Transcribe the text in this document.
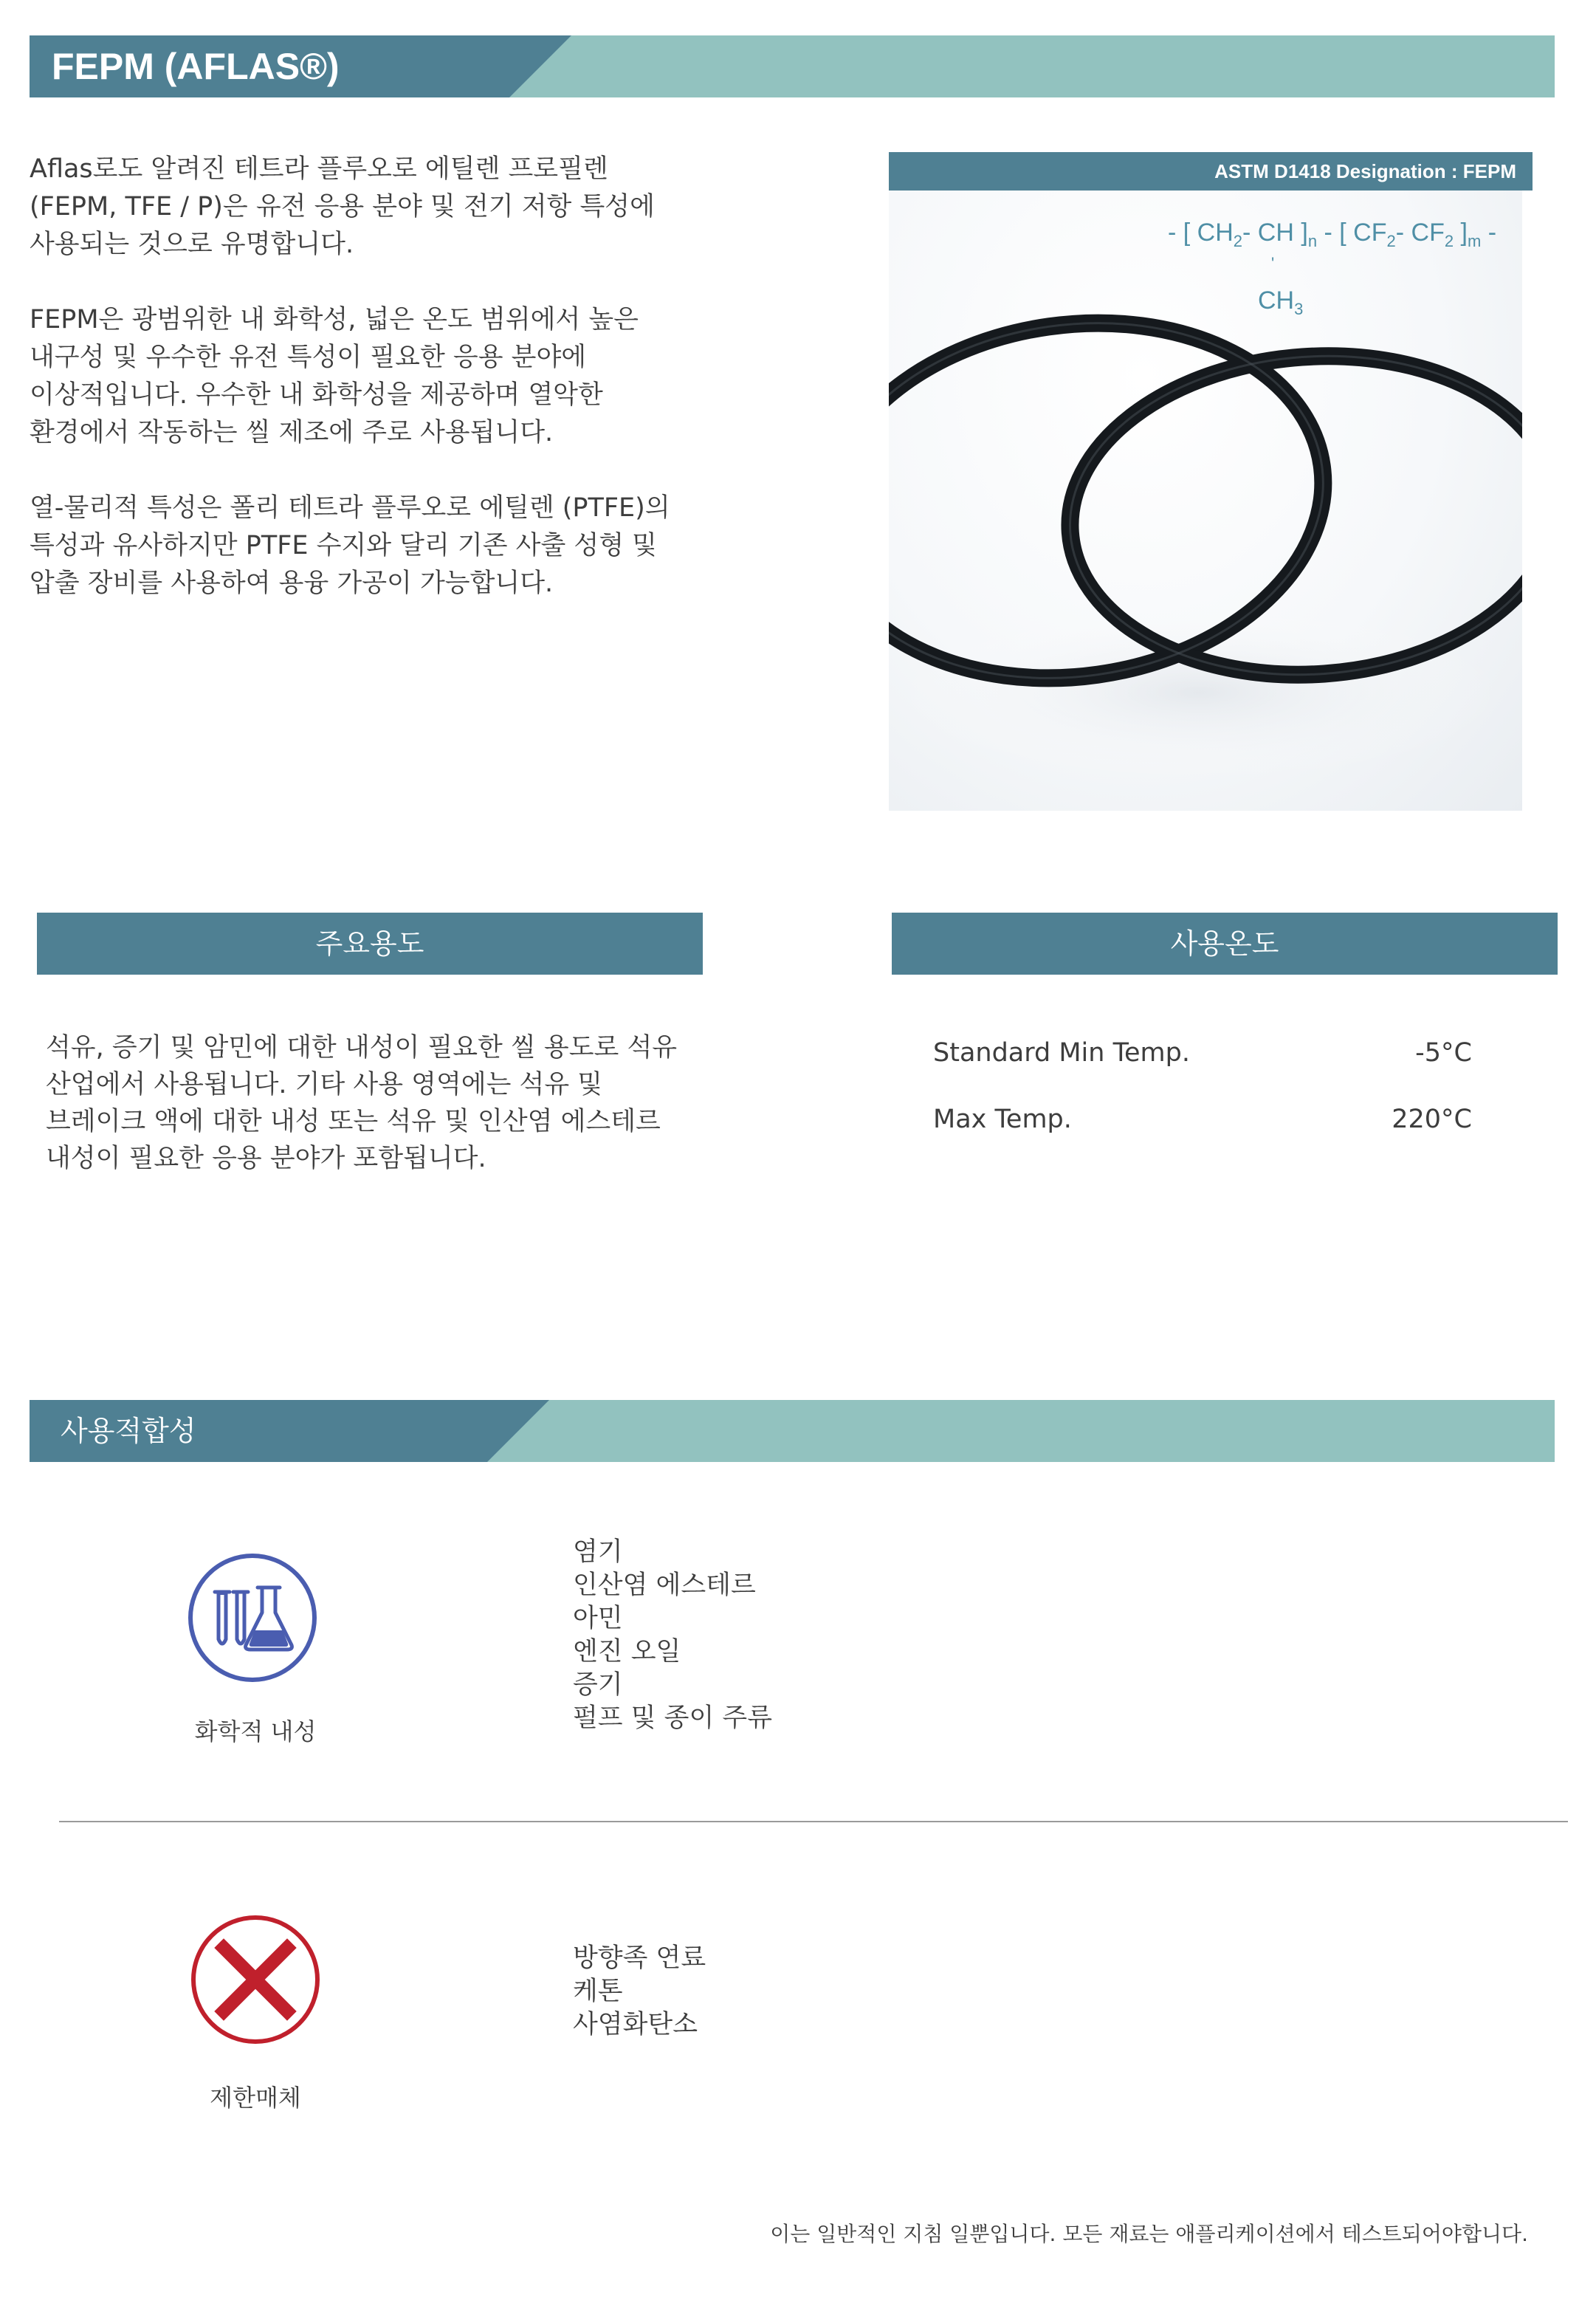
FEPM (AFLAS®)

Aflas로도 알려진 테트라 플루오로 에틸렌 프로필렌
(FEPM, TFE / P)은 유전 응용 분야 및 전기 저항 특성에
사용되는 것으로 유명합니다.

FEPM은 광범위한 내 화학성, 넓은 온도 범위에서 높은
내구성 및 우수한 유전 특성이 필요한 응용 분야에
이상적입니다. 우수한 내 화학성을 제공하며 열악한
환경에서 작동하는 씰 제조에 주로 사용됩니다.

열-물리적 특성은 폴리 테트라 플루오로 에틸렌 (PTFE)의
특성과 유사하지만 PTFE 수지와 달리 기존 사출 성형 및
압출 장비를 사용하여 용융 가공이 가능합니다.

ASTM D1418 Designation : FEPM
- [ $CH_2-$ CH ]$_n$ - [ $CF_2-$ $CF_2$ ]$_m$ -
'
$CH_3$
주요용도
석유, 증기 및 암민에 대한 내성이 필요한 씰 용도로 석유
산업에서 사용됩니다. 기타 사용 영역에는 석유 및
브레이크 액에 대한 내성 또는 석유 및 인산염 에스테르
내성이 필요한 응용 분야가 포함됩니다.
사용온도
Standard Min Temp.	-5°C
Max Temp.	220°C
사용적합성
화학적 내성
염기
인산염 에스테르
아민
엔진 오일
증기
펄프 및 종이 주류
제한매체
방향족 연료
케톤
사염화탄소
이는 일반적인 지침 일뿐입니다. 모든 재료는 애플리케이션에서 테스트되어야합니다.
